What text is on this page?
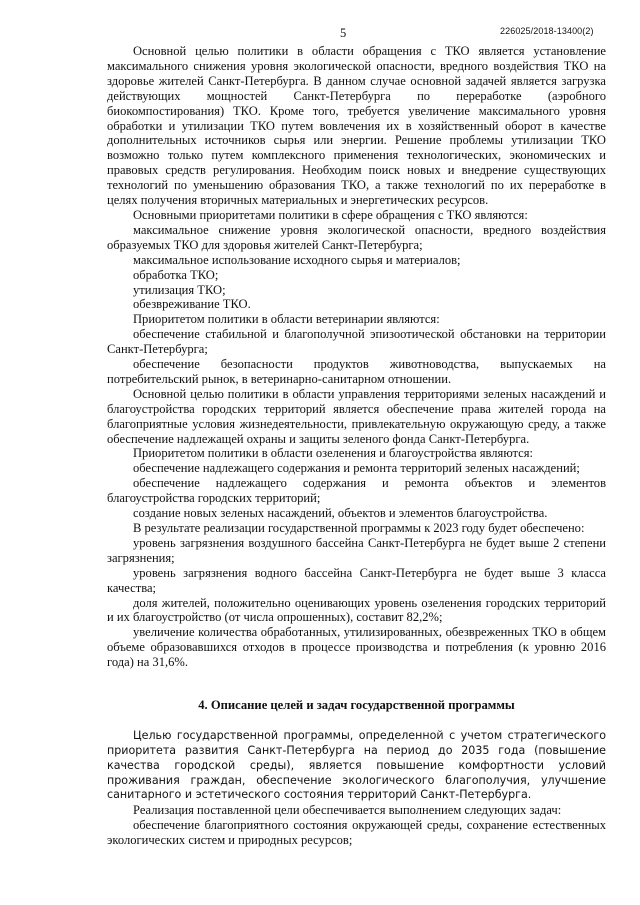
5	226025/2018-13400(2)

Основной целью политики в области обращения с ТКО является установление максимального снижения уровня экологической опасности, вредного воздействия ТКО на здоровье жителей Санкт-Петербурга. В данном случае основной задачей является загрузка действующих мощностей Санкт-Петербурга по переработке (аэробного биокомпостирования) ТКО. Кроме того, требуется увеличение максимального уровня обработки и утилизации ТКО путем вовлечения их в хозяйственный оборот в качестве дополнительных источников сырья или энергии. Решение проблемы утилизации ТКО возможно только путем комплексного применения технологических, экономических и правовых средств регулирования. Необходим поиск новых и внедрение существующих технологий по уменьшению образования ТКО, а также технологий по их переработке в целях получения вторичных материальных и энергетических ресурсов.

Основными приоритетами политики в сфере обращения с ТКО являются:

максимальное снижение уровня экологической опасности, вредного воздействия образуемых ТКО для здоровья жителей Санкт-Петербурга;

максимальное использование исходного сырья и материалов;

обработка ТКО;

утилизация ТКО;

обезвреживание ТКО.

Приоритетом политики в области ветеринарии являются:

обеспечение стабильной и благополучной эпизоотической обстановки на территории Санкт-Петербурга;

обеспечение безопасности продуктов животноводства, выпускаемых на потребительский рынок, в ветеринарно-санитарном отношении.

Основной целью политики в области управления территориями зеленых насаждений и благоустройства городских территорий является обеспечение права жителей города на благоприятные условия жизнедеятельности, привлекательную окружающую среду, а также обеспечение надлежащей охраны и защиты зеленого фонда Санкт-Петербурга.

Приоритетом политики в области озеленения и благоустройства являются:

обеспечение надлежащего содержания и ремонта территорий зеленых насаждений;

обеспечение надлежащего содержания и ремонта объектов и элементов благоустройства городских территорий;

создание новых зеленых насаждений, объектов и элементов благоустройства.

В результате реализации государственной программы к 2023 году будет обеспечено:

уровень загрязнения воздушного бассейна Санкт-Петербурга не будет выше 2 степени загрязнения;

уровень загрязнения водного бассейна Санкт-Петербурга не будет выше 3 класса качества;

доля жителей, положительно оценивающих уровень озеленения городских территорий и их благоустройство (от числа опрошенных), составит 82,2%;

увеличение количества обработанных, утилизированных, обезвреженных ТКО в общем объеме образовавшихся отходов в процессе производства и потребления (к уровню 2016 года) на 31,6%.

4. Описание целей и задач государственной программы

Целью государственной программы, определенной с учетом стратегического приоритета развития Санкт-Петербурга на период до 2035 года (повышение качества городской среды), является повышение комфортности условий проживания граждан, обеспечение экологического благополучия, улучшение санитарного и эстетического состояния территорий Санкт-Петербурга.

Реализация поставленной цели обеспечивается выполнением следующих задач:

обеспечение благоприятного состояния окружающей среды, сохранение естественных экологических систем и природных ресурсов;
